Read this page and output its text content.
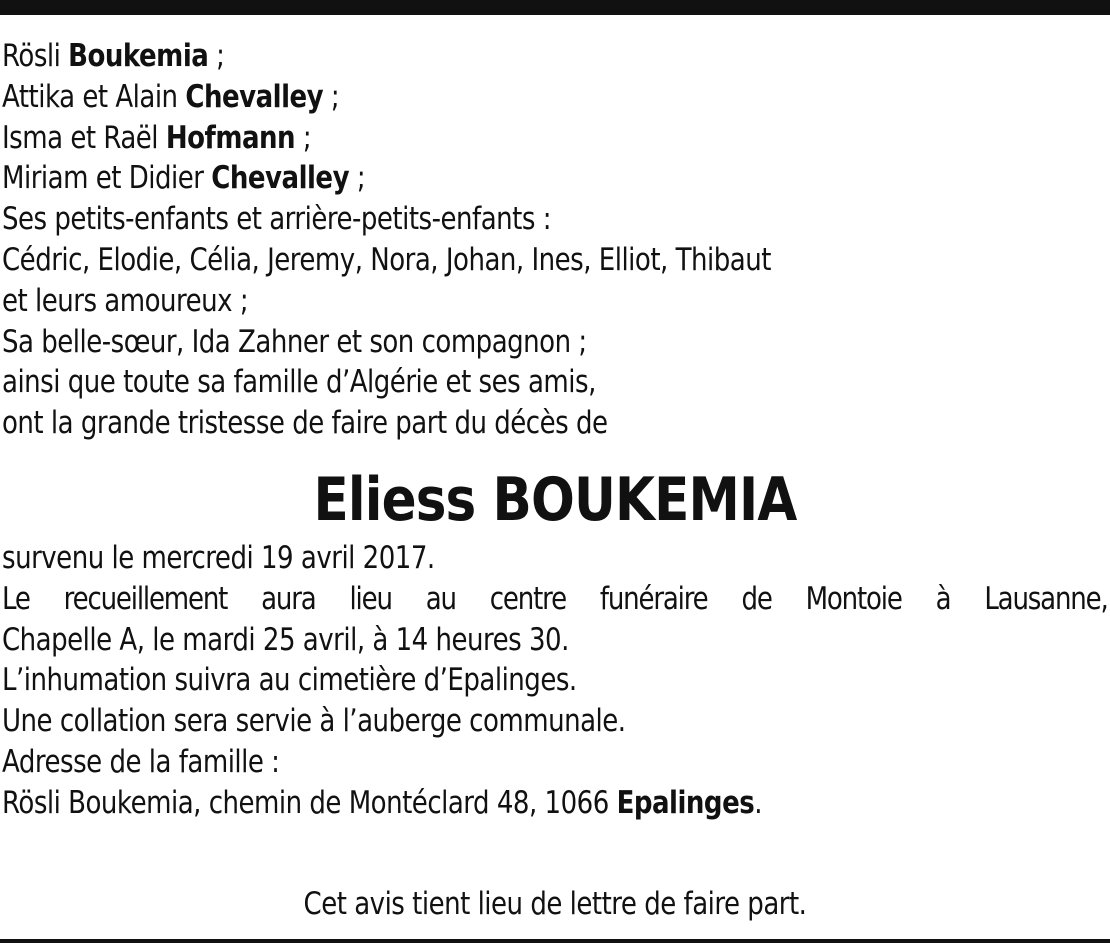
Rösli Boukemia ;
Attika et Alain Chevalley ;
Isma et Raël Hofmann ;
Miriam et Didier Chevalley ;
Ses petits-enfants et arrière-petits-enfants :
Cédric, Elodie, Célia, Jeremy, Nora, Johan, Ines, Elliot, Thibaut
et leurs amoureux ;
Sa belle-sœur, Ida Zahner et son compagnon ;
ainsi que toute sa famille d’Algérie et ses amis,
ont la grande tristesse de faire part du décès de
Eliess BOUKEMIA
survenu le mercredi 19 avril 2017.
Le recueillement aura lieu au centre funéraire de Montoie à Lausanne,
Chapelle A, le mardi 25 avril, à 14 heures 30.
L’inhumation suivra au cimetière d’Epalinges.
Une collation sera servie à l’auberge communale.
Adresse de la famille :
Rösli Boukemia, chemin de Montéclard 48, 1066 Epalinges.
Cet avis tient lieu de lettre de faire part.
